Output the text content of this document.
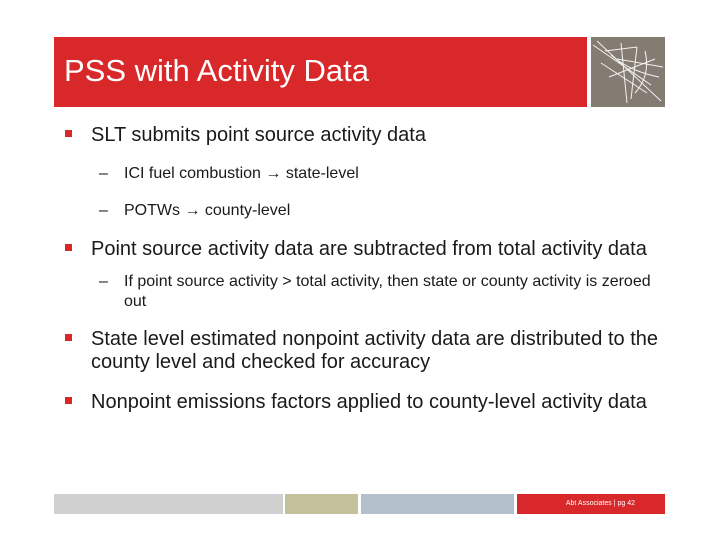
PSS with Activity Data
SLT submits point source activity data
– ICI fuel combustion → state-level
– POTWs → county-level
Point source activity data are subtracted from total activity data
– If point source activity > total activity, then state or county activity is zeroed out
State level estimated nonpoint activity data are distributed to the county level and checked for accuracy
Nonpoint emissions factors applied to county-level activity data
Abt Associates | pg 42
